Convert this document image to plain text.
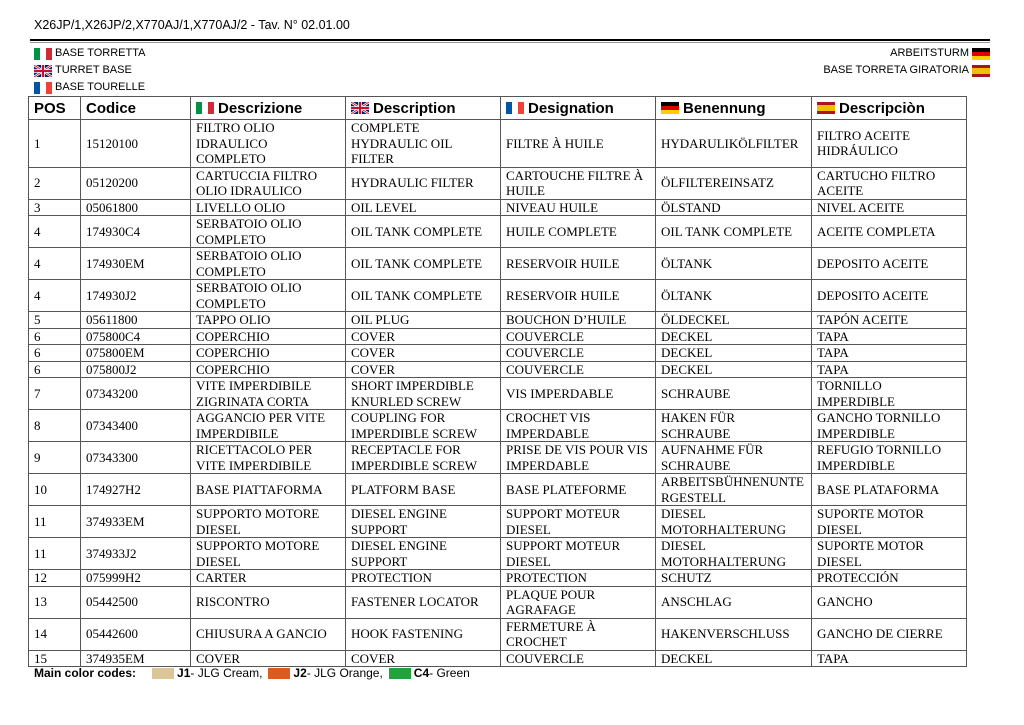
X26JP/1,X26JP/2,X770AJ/1,X770AJ/2 - Tav. N° 02.01.00
BASE TORRETTA
TURRET BASE
BASE TOURELLE
ARBEITSTURM
BASE TORRETA GIRATORIA
POS	Codice	Descrizione	Description	Designation	Benennung	Descripciòn
1	15120100	FILTRO OLIO IDRAULICO COMPLETO	COMPLETE HYDRAULIC OIL FILTER	FILTRE À HUILE	HYDARULIKÖLFILTER	FILTRO ACEITE HIDRÁULICO
2	05120200	CARTUCCIA FILTRO OLIO IDRAULICO	HYDRAULIC FILTER	CARTOUCHE FILTRE À HUILE	ÖLFILTEREINSATZ	CARTUCHO FILTRO ACEITE
3	05061800	LIVELLO OLIO	OIL LEVEL	NIVEAU HUILE	ÖLSTAND	NIVEL ACEITE
4	174930C4	SERBATOIO OLIO COMPLETO	OIL TANK COMPLETE	HUILE COMPLETE	OIL TANK COMPLETE	ACEITE COMPLETA
4	174930EM	SERBATOIO OLIO COMPLETO	OIL TANK COMPLETE	RESERVOIR HUILE	ÖLTANK	DEPOSITO ACEITE
4	174930J2	SERBATOIO OLIO COMPLETO	OIL TANK COMPLETE	RESERVOIR HUILE	ÖLTANK	DEPOSITO ACEITE
5	05611800	TAPPO OLIO	OIL PLUG	BOUCHON D’HUILE	ÖLDECKEL	TAPÓN ACEITE
6	075800C4	COPERCHIO	COVER	COUVERCLE	DECKEL	TAPA
6	075800EM	COPERCHIO	COVER	COUVERCLE	DECKEL	TAPA
6	075800J2	COPERCHIO	COVER	COUVERCLE	DECKEL	TAPA
7	07343200	VITE IMPERDIBILE ZIGRINATA CORTA	SHORT IMPERDIBLE KNURLED SCREW	VIS IMPERDABLE	SCHRAUBE	TORNILLO IMPERDIBLE
8	07343400	AGGANCIO PER VITE IMPERDIBILE	COUPLING FOR IMPERDIBLE SCREW	CROCHET VIS IMPERDABLE	HAKEN FÜR SCHRAUBE	GANCHO TORNILLO IMPERDIBLE
9	07343300	RICETTACOLO PER VITE IMPERDIBILE	RECEPTACLE FOR IMPERDIBLE SCREW	PRISE DE VIS POUR VIS IMPERDABLE	AUFNAHME FÜR SCHRAUBE	REFUGIO TORNILLO IMPERDIBLE
10	174927H2	BASE PIATTAFORMA	PLATFORM BASE	BASE PLATEFORME	ARBEITSBÜHNENUNTERGESTELL	BASE PLATAFORMA
11	374933EM	SUPPORTO MOTORE DIESEL	DIESEL ENGINE SUPPORT	SUPPORT MOTEUR DIESEL	DIESEL MOTORHALTERUNG	SUPORTE MOTOR DIESEL
11	374933J2	SUPPORTO MOTORE DIESEL	DIESEL ENGINE SUPPORT	SUPPORT MOTEUR DIESEL	DIESEL MOTORHALTERUNG	SUPORTE MOTOR DIESEL
12	075999H2	CARTER	PROTECTION	PROTECTION	SCHUTZ	PROTECCIÓN
13	05442500	RISCONTRO	FASTENER LOCATOR	PLAQUE POUR AGRAFAGE	ANSCHLAG	GANCHO
14	05442600	CHIUSURA A GANCIO	HOOK FASTENING	FERMETURE À CROCHET	HAKENVERSCHLUSS	GANCHO DE CIERRE
15	374935EM	COVER	COVER	COUVERCLE	DECKEL	TAPA
Main color codes:	J1 - JLG Cream,	J2 - JLG Orange,	C4 - Green
